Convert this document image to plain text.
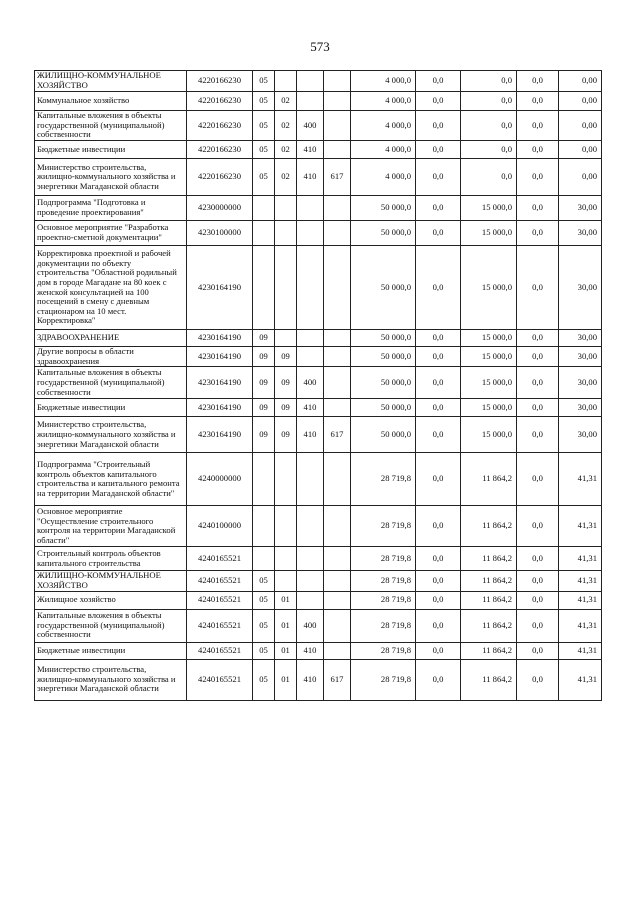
573
ЖИЛИЩНО-КОММУНАЛЬНОЕ ХОЗЯЙСТВО	4220166230	05				4 000,0	0,0	0,0	0,0	0,00
Коммунальное хозяйство	4220166230	05	02			4 000,0	0,0	0,0	0,0	0,00
Капитальные вложения в объекты государственной (муниципальной) собственности	4220166230	05	02	400		4 000,0	0,0	0,0	0,0	0,00
Бюджетные инвестиции	4220166230	05	02	410		4 000,0	0,0	0,0	0,0	0,00
Министерство строительства, жилищно-коммунального хозяйства и энергетики Магаданской области	4220166230	05	02	410	617	4 000,0	0,0	0,0	0,0	0,00
Подпрограмма "Подготовка и проведение проектирования"	4230000000					50 000,0	0,0	15 000,0	0,0	30,00
Основное мероприятие "Разработка проектно-сметной документации"	4230100000					50 000,0	0,0	15 000,0	0,0	30,00
Корректировка проектной и рабочей документации по объекту строительства "Областной родильный дом в городе Магадане на 80 коек с женской консультацией на 100 посещений в смену с дневным стационаром на 10 мест. Корректировка"	4230164190					50 000,0	0,0	15 000,0	0,0	30,00
ЗДРАВООХРАНЕНИЕ	4230164190	09				50 000,0	0,0	15 000,0	0,0	30,00
Другие вопросы в области здравоохранения	4230164190	09	09			50 000,0	0,0	15 000,0	0,0	30,00
Капитальные вложения в объекты государственной (муниципальной) собственности	4230164190	09	09	400		50 000,0	0,0	15 000,0	0,0	30,00
Бюджетные инвестиции	4230164190	09	09	410		50 000,0	0,0	15 000,0	0,0	30,00
Министерство строительства, жилищно-коммунального хозяйства и энергетики Магаданской области	4230164190	09	09	410	617	50 000,0	0,0	15 000,0	0,0	30,00
Подпрограмма "Строительный контроль объектов капитального строительства и капитального ремонта на территории Магаданской области"	4240000000					28 719,8	0,0	11 864,2	0,0	41,31
Основное мероприятие "Осуществление строительного контроля на территории Магаданской области"	4240100000					28 719,8	0,0	11 864,2	0,0	41,31
Строительный контроль объектов капитального строительства	4240165521					28 719,8	0,0	11 864,2	0,0	41,31
ЖИЛИЩНО-КОММУНАЛЬНОЕ ХОЗЯЙСТВО	4240165521	05				28 719,8	0,0	11 864,2	0,0	41,31
Жилищное хозяйство	4240165521	05	01			28 719,8	0,0	11 864,2	0,0	41,31
Капитальные вложения в объекты государственной (муниципальной) собственности	4240165521	05	01	400		28 719,8	0,0	11 864,2	0,0	41,31
Бюджетные инвестиции	4240165521	05	01	410		28 719,8	0,0	11 864,2	0,0	41,31
Министерство строительства, жилищно-коммунального хозяйства и энергетики Магаданской области	4240165521	05	01	410	617	28 719,8	0,0	11 864,2	0,0	41,31
